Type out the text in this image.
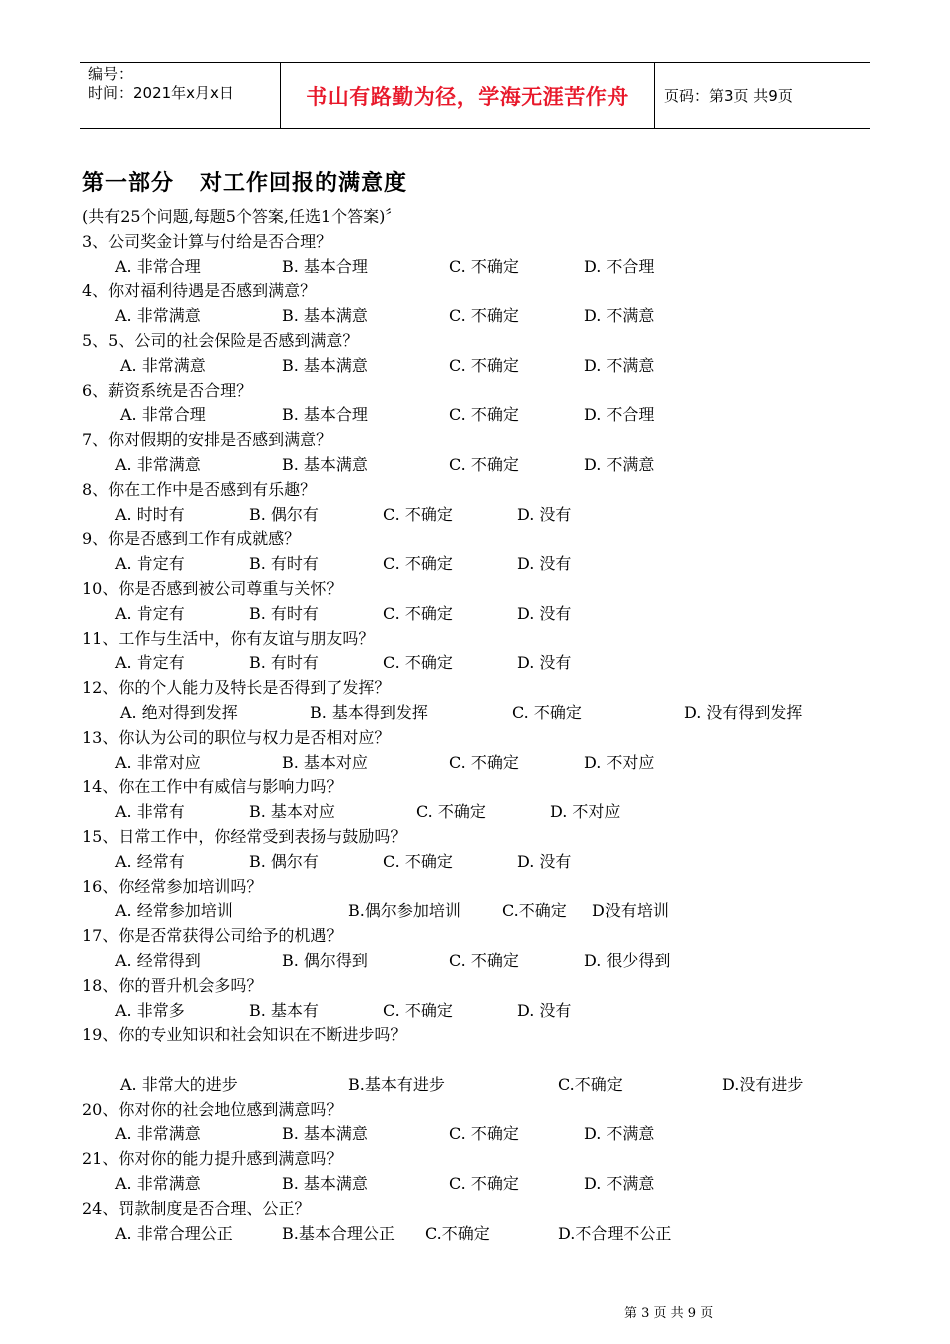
编号：
时间：2021年x月x日	书山有路勤为径，学海无涯苦作舟	页码：第3页 共9页
第一部分 对工作回报的满意度
(共有25个问题,每题5个答案,任选1个答案)〞
3、公司奖金计算与付给是否合理？
A. 非常合理	B. 基本合理	C. 不确定	D. 不合理
4、你对福利待遇是否感到满意？
A. 非常满意	B. 基本满意	C. 不确定	D. 不满意
5、5、公司的社会保险是否感到满意？
A. 非常满意	B. 基本满意	C. 不确定	D. 不满意
6、薪资系统是否合理？
A. 非常合理	B. 基本合理	C. 不确定	D. 不合理
7、你对假期的安排是否感到满意？
A. 非常满意	B. 基本满意	C. 不确定	D. 不满意
8、你在工作中是否感到有乐趣？
A. 时时有	B. 偶尔有	C. 不确定	D. 没有
9、你是否感到工作有成就感？
A. 肯定有	B. 有时有	C. 不确定	D. 没有
10、你是否感到被公司尊重与关怀？
A. 肯定有	B. 有时有	C. 不确定	D. 没有
11、工作与生活中，你有友谊与朋友吗？
A. 肯定有	B. 有时有	C. 不确定	D. 没有
12、你的个人能力及特长是否得到了发挥？
A. 绝对得到发挥	B. 基本得到发挥	C. 不确定	D. 没有得到发挥
13、你认为公司的职位与权力是否相对应？
A. 非常对应	B. 基本对应	C. 不确定	D. 不对应
14、你在工作中有威信与影响力吗？
A. 非常有	B. 基本对应	C. 不确定	D. 不对应
15、日常工作中，你经常受到表扬与鼓励吗？
A. 经常有	B. 偶尔有	C. 不确定	D. 没有
16、你经常参加培训吗？
A. 经常参加培训	B.偶尔参加培训	C.不确定 D没有培训
17、你是否常获得公司给予的机遇？
A. 经常得到	B. 偶尔得到	C. 不确定	D. 很少得到
18、你的晋升机会多吗？
A. 非常多	B. 基本有	C. 不确定	D. 没有
19、你的专业知识和社会知识在不断进步吗？
A. 非常大的进步	B.基本有进步	C.不确定	D.没有进步
20、你对你的社会地位感到满意吗？
A. 非常满意	B. 基本满意	C. 不确定	D. 不满意
21、你对你的能力提升感到满意吗？
A. 非常满意	B. 基本满意	C. 不确定	D. 不满意
24、罚款制度是否合理、公正？
A. 非常合理公正	B.基本合理公正 C.不确定	D.不合理不公正
第 3 页 共 9 页
